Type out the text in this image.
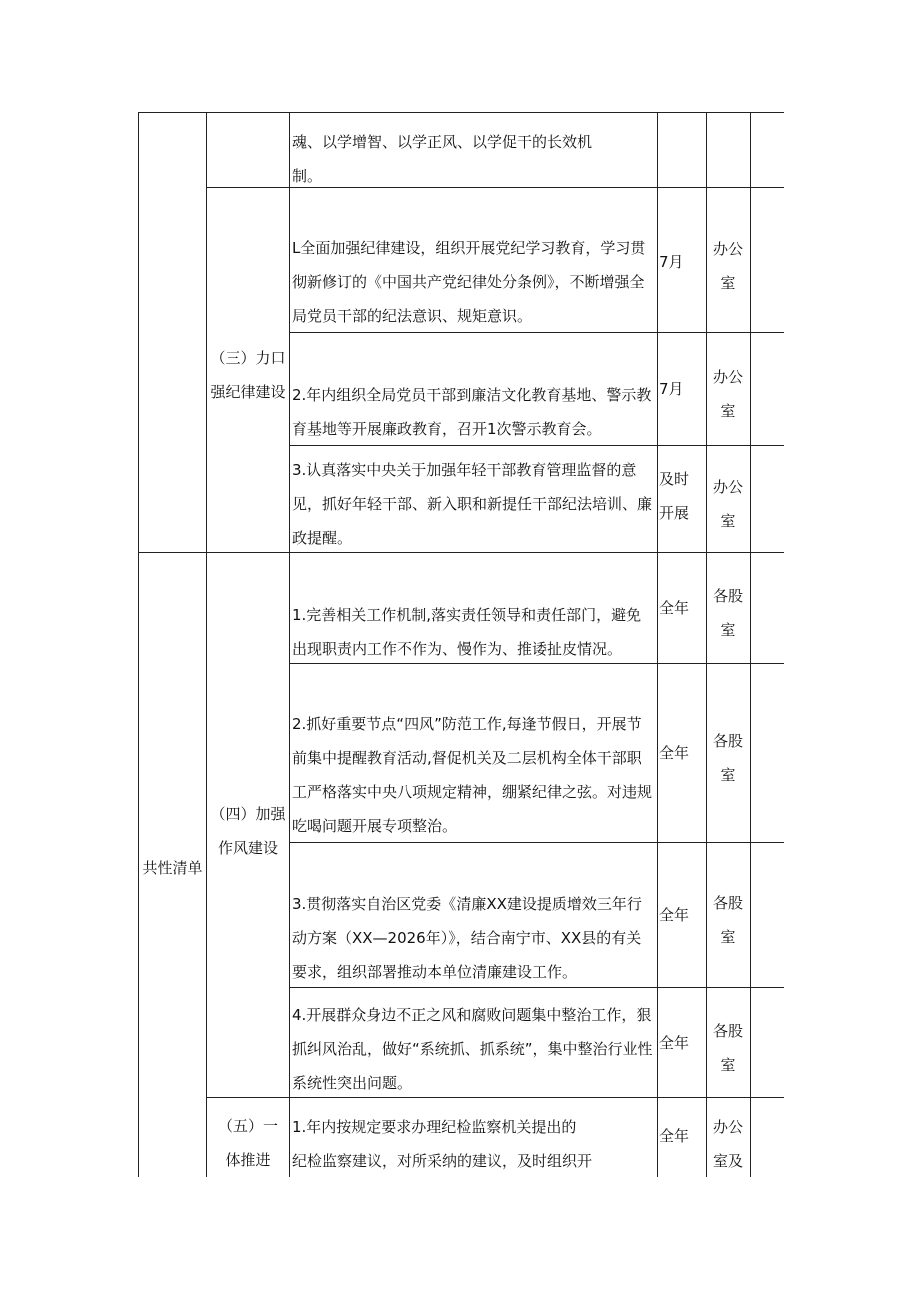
共性清单
（三）力口强纪律建设
（四）加强作风建设
（五）一体推进
魂、以学增智、以学正风、以学促干的长效机
制。
L全面加强纪律建设，组织开展党纪学习教育，学习贯彻新修订的《中国共产党纪律处分条例》，不断增强全局党员干部的纪法意识、规矩意识。
7月
办公室
2.年内组织全局党员干部到廉洁文化教育基地、警示教育基地等开展廉政教育，召开1次警示教育会。
7月
办公室
3.认真落实中央关于加强年轻干部教育管理监督的意见，抓好年轻干部、新入职和新提任干部纪法培训、廉政提醒。
及时开展
办公室
1.完善相关工作机制,落实责任领导和责任部门，避免出现职责内工作不作为、慢作为、推诿扯皮情况。
全年
各股室
2.抓好重要节点“四风”防范工作,每逢节假日，开展节前集中提醒教育活动,督促机关及二层机构全体干部职工严格落实中央八项规定精神，绷紧纪律之弦。对违规吃喝问题开展专项整治。
全年
各股室
3.贯彻落实自治区党委《清廉XX建设提质增效三年行动方案（XX—2026年）》，结合南宁市、XX县的有关要求，组织部署推动本单位清廉建设工作。
全年
各股室
4.开展群众身边不正之风和腐败问题集中整治工作，狠抓纠风治乱，做好“系统抓、抓系统”，集中整治行业性系统性突出问题。
全年
各股室
1.年内按规定要求办理纪检监察机关提出的
纪检监察建议，对所采纳的建议，及时组织开
全年	办公室及
